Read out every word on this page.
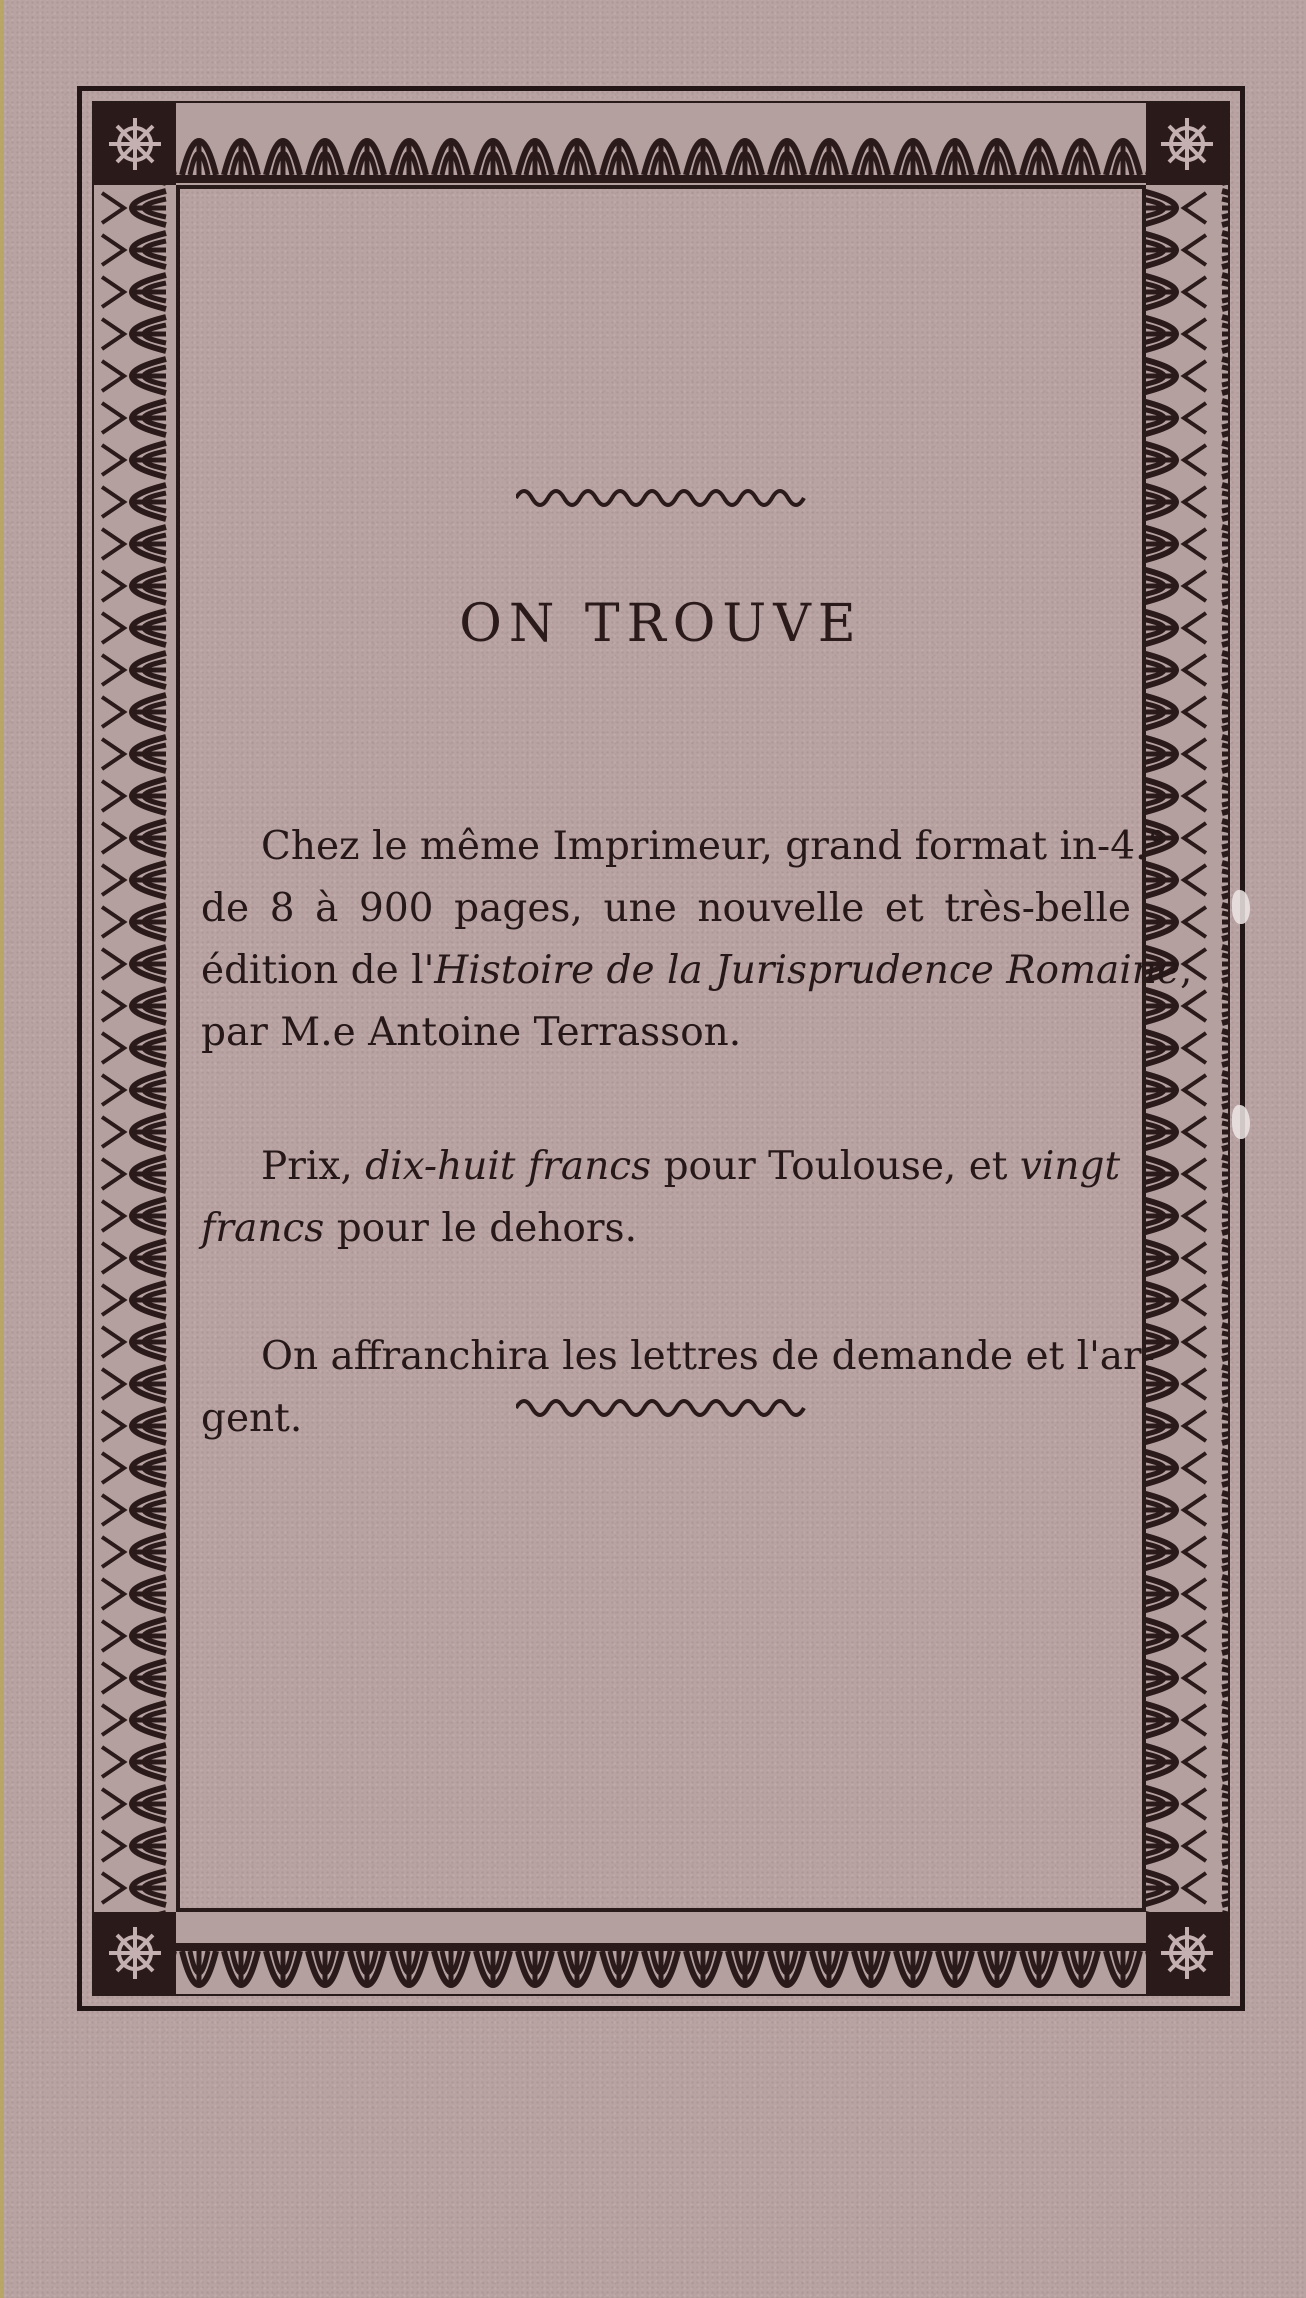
ON TROUVE
Chez le même Imprimeur, grand format in-4.°
de 8 à 900 pages, une nouvelle et très-belle
édition de l'Histoire de la Jurisprudence Romaine,
par M.e Antoine Terrasson.
Prix, dix-huit francs pour Toulouse, et vingt
francs pour le dehors.
On affranchira les lettres de demande et l'ar-
gent.
